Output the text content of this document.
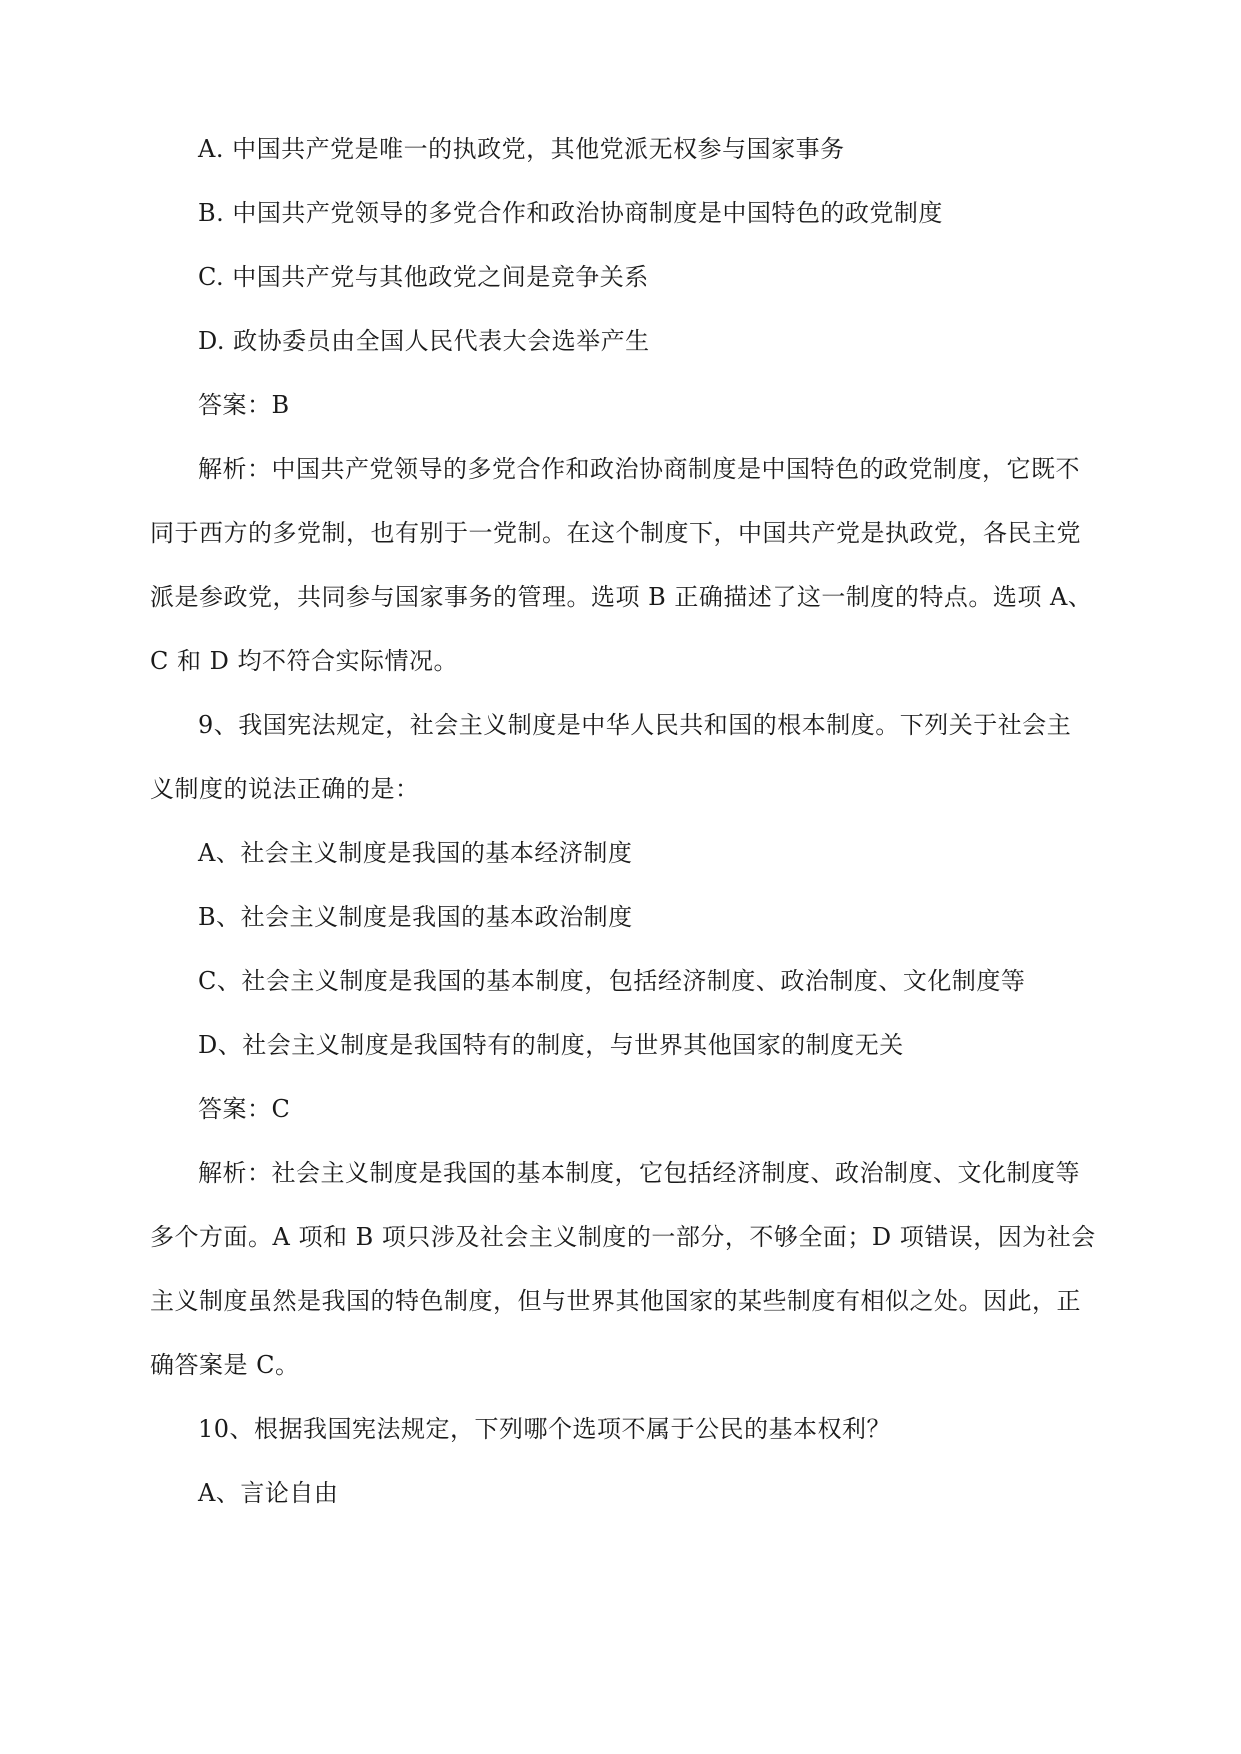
A. 中国共产党是唯一的执政党，其他党派无权参与国家事务
B. 中国共产党领导的多党合作和政治协商制度是中国特色的政党制度
C. 中国共产党与其他政党之间是竞争关系
D. 政协委员由全国人民代表大会选举产生
答案：B
解析：中国共产党领导的多党合作和政治协商制度是中国特色的政党制度，它既不
同于西方的多党制，也有别于一党制。在这个制度下，中国共产党是执政党，各民主党
派是参政党，共同参与国家事务的管理。选项 B 正确描述了这一制度的特点。选项 A、
C 和 D 均不符合实际情况。
9、我国宪法规定，社会主义制度是中华人民共和国的根本制度。下列关于社会主
义制度的说法正确的是：
A、社会主义制度是我国的基本经济制度
B、社会主义制度是我国的基本政治制度
C、社会主义制度是我国的基本制度，包括经济制度、政治制度、文化制度等
D、社会主义制度是我国特有的制度，与世界其他国家的制度无关
答案：C
解析：社会主义制度是我国的基本制度，它包括经济制度、政治制度、文化制度等
多个方面。A 项和 B 项只涉及社会主义制度的一部分，不够全面；D 项错误，因为社会
主义制度虽然是我国的特色制度，但与世界其他国家的某些制度有相似之处。因此，正
确答案是 C。
10、根据我国宪法规定，下列哪个选项不属于公民的基本权利？
A、言论自由
